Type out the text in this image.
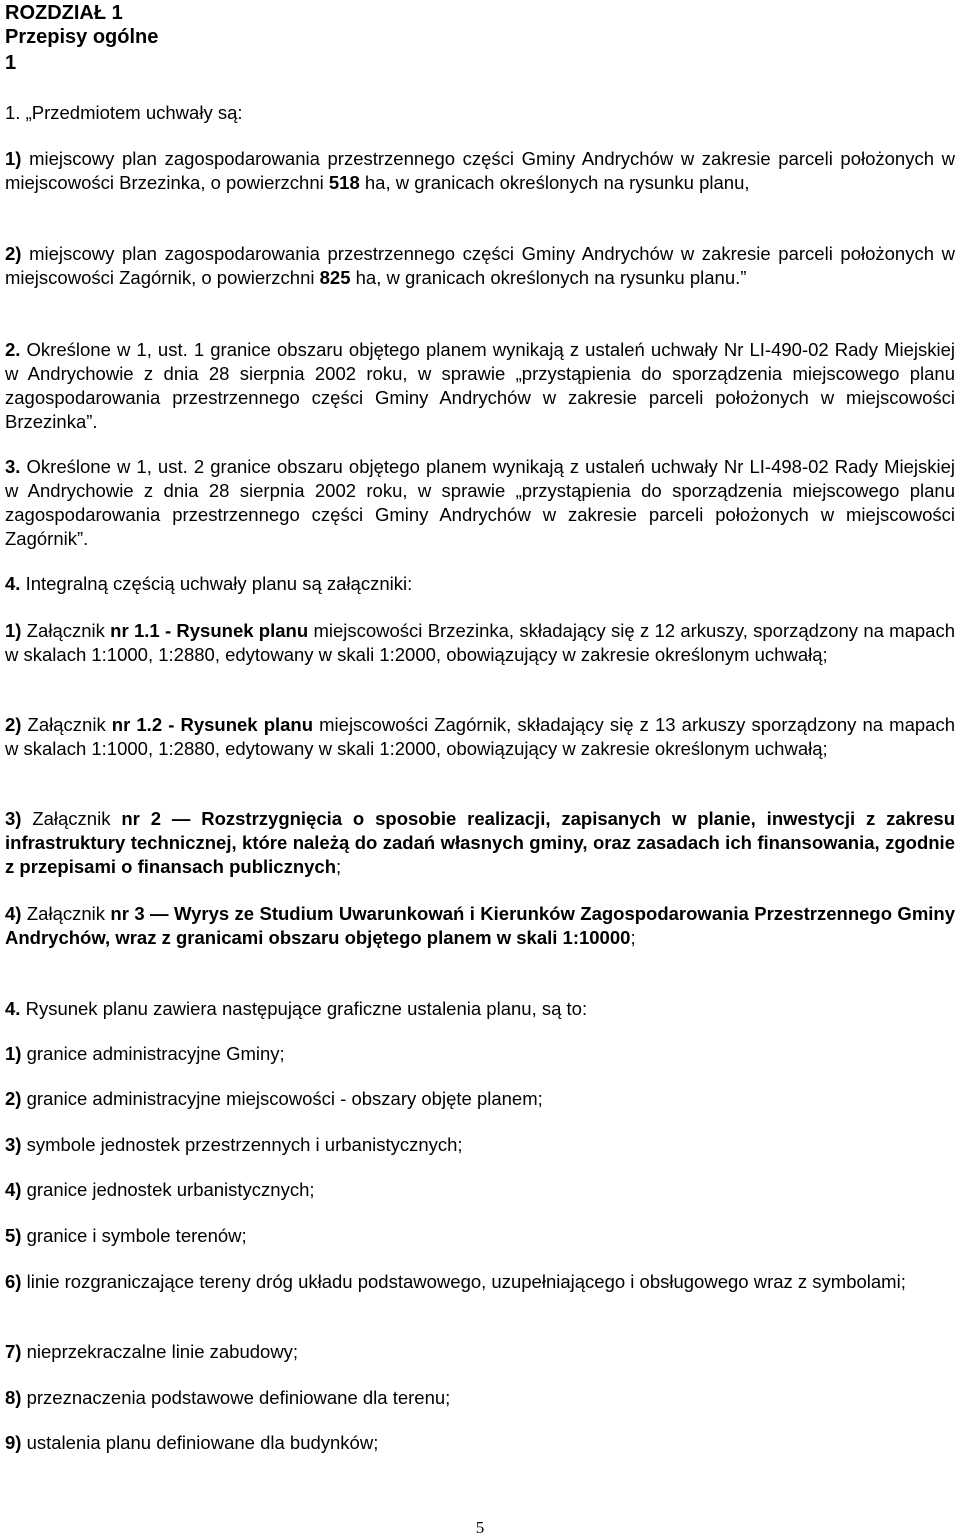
ROZDZIAŁ 1
Przepisy ogólne
1

1. „Przedmiotem uchwały są:

1) miejscowy plan zagospodarowania przestrzennego części Gminy Andrychów w zakresie parceli położonych w miejscowości Brzezinka, o powierzchni 518 ha, w granicach określonych na rysunku planu,

2) miejscowy plan zagospodarowania przestrzennego części Gminy Andrychów w zakresie parceli położonych w miejscowości Zagórnik, o powierzchni 825 ha, w granicach określonych na rysunku planu.”

2. Określone w 1, ust. 1 granice obszaru objętego planem wynikają z ustaleń uchwały Nr LI-490-02 Rady Miejskiej w Andrychowie z dnia 28 sierpnia 2002 roku, w sprawie „przystąpienia do sporządzenia miejscowego planu zagospodarowania przestrzennego części Gminy Andrychów w zakresie parceli położonych w miejscowości Brzezinka”.

3. Określone w 1, ust. 2 granice obszaru objętego planem wynikają z ustaleń uchwały Nr LI-498-02 Rady Miejskiej w Andrychowie z dnia 28 sierpnia 2002 roku, w sprawie „przystąpienia do sporządzenia miejscowego planu zagospodarowania przestrzennego części Gminy Andrychów w zakresie parceli położonych w miejscowości Zagórnik”.

4. Integralną częścią uchwały planu są załączniki:

1) Załącznik nr 1.1 - Rysunek planu miejscowości Brzezinka, składający się z 12 arkuszy, sporządzony na mapach w skalach 1:1000, 1:2880, edytowany w skali 1:2000, obowiązujący w zakresie określonym uchwałą;

2) Załącznik nr 1.2 - Rysunek planu miejscowości Zagórnik, składający się z 13 arkuszy sporządzony na mapach w skalach 1:1000, 1:2880, edytowany w skali 1:2000, obowiązujący w zakresie określonym uchwałą;

3) Załącznik nr 2 — Rozstrzygnięcia o sposobie realizacji, zapisanych w planie, inwestycji z zakresu infrastruktury technicznej, które należą do zadań własnych gminy, oraz zasadach ich finansowania, zgodnie z przepisami o finansach publicznych;

4) Załącznik nr 3 — Wyrys ze Studium Uwarunkowań i Kierunków Zagospodarowania Przestrzennego Gminy Andrychów, wraz z granicami obszaru objętego planem w skali 1:10000;

4. Rysunek planu zawiera następujące graficzne ustalenia planu, są to:

1) granice administracyjne Gminy;

2) granice administracyjne miejscowości - obszary objęte planem;

3) symbole jednostek przestrzennych i urbanistycznych;

4) granice jednostek urbanistycznych;

5) granice i symbole terenów;

6) linie rozgraniczające tereny dróg układu podstawowego, uzupełniającego i obsługowego wraz z symbolami;

7) nieprzekraczalne linie zabudowy;

8) przeznaczenia podstawowe definiowane dla terenu;

9) ustalenia planu definiowane dla budynków;

5
